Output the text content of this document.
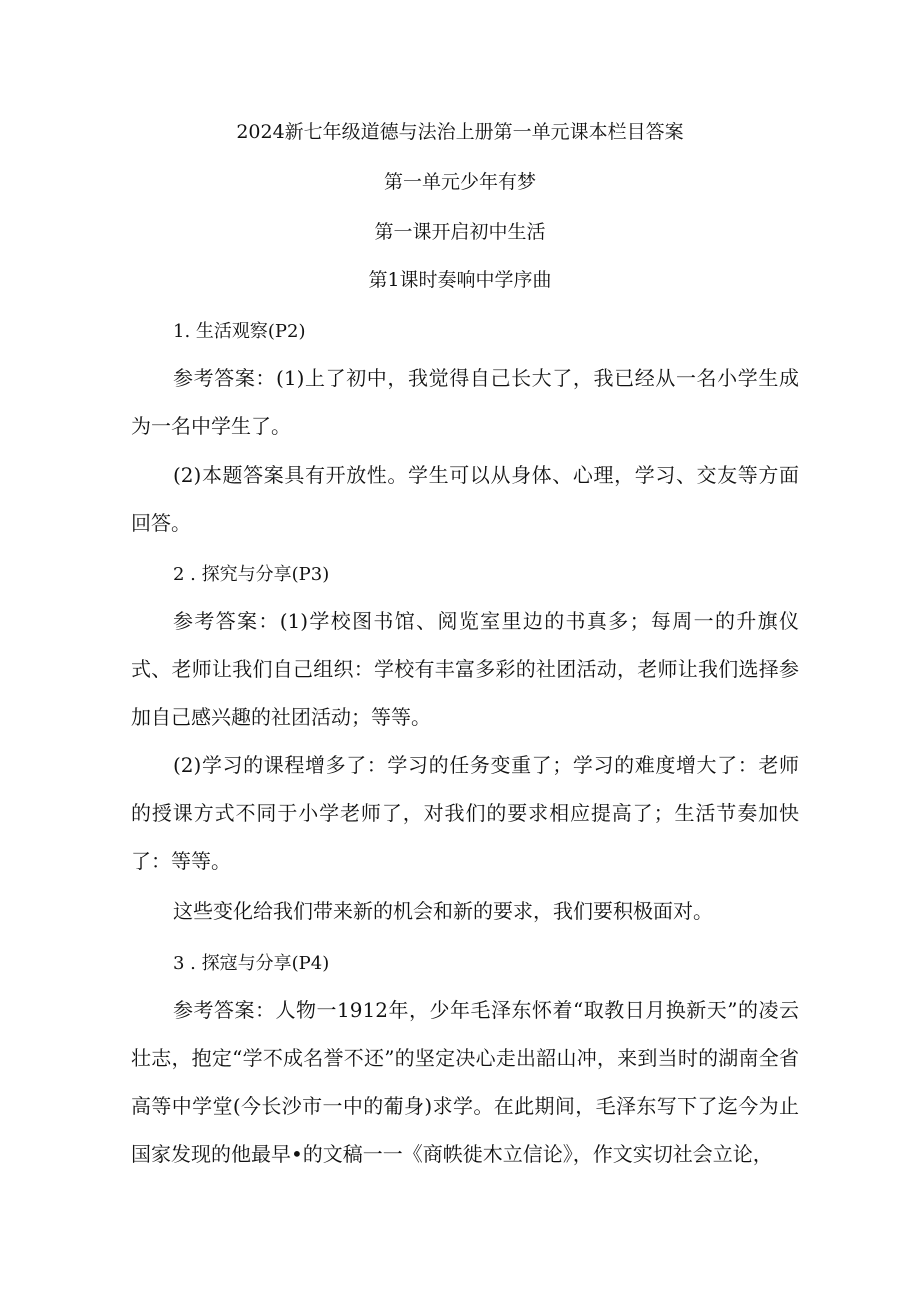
2024新七年级道德与法治上册第一单元课本栏目答案
第一单元少年有梦
第一课开启初中生活
第1课时奏响中学序曲
1. 生活观察(P2)
参考答案：(1)上了初中，我觉得自己长大了，我已经从一名小学生成为一名中学生了。
(2)本题答案具有开放性。学生可以从身体、心理，学习、交友等方面回答。
2 . 探究与分享(P3)
参考答案：(1)学校图书馆、阅览室里边的书真多；每周一的升旗仪式、老师让我们自己组织：学校有丰富多彩的社团活动，老师让我们选择参加自己感兴趣的社团活动；等等。
(2)学习的课程增多了：学习的任务变重了；学习的难度增大了：老师的授课方式不同于小学老师了，对我们的要求相应提高了；生活节奏加快了：等等。
这些变化给我们带来新的机会和新的要求，我们要积极面对。
3 . 探寇与分享(P4)
参考答案：人物一1912年，少年毛泽东怀着“取教日月换新天”的凌云壮志，抱定“学不成名誉不还”的坚定决心走出韶山冲，来到当时的湖南全省高等中学堂(今长沙市一中的葡身)求学。在此期间，毛泽东写下了迄今为止国家发现的他最早•的文稿一一《商帙徙木立信论》，作文实切社会立论，
